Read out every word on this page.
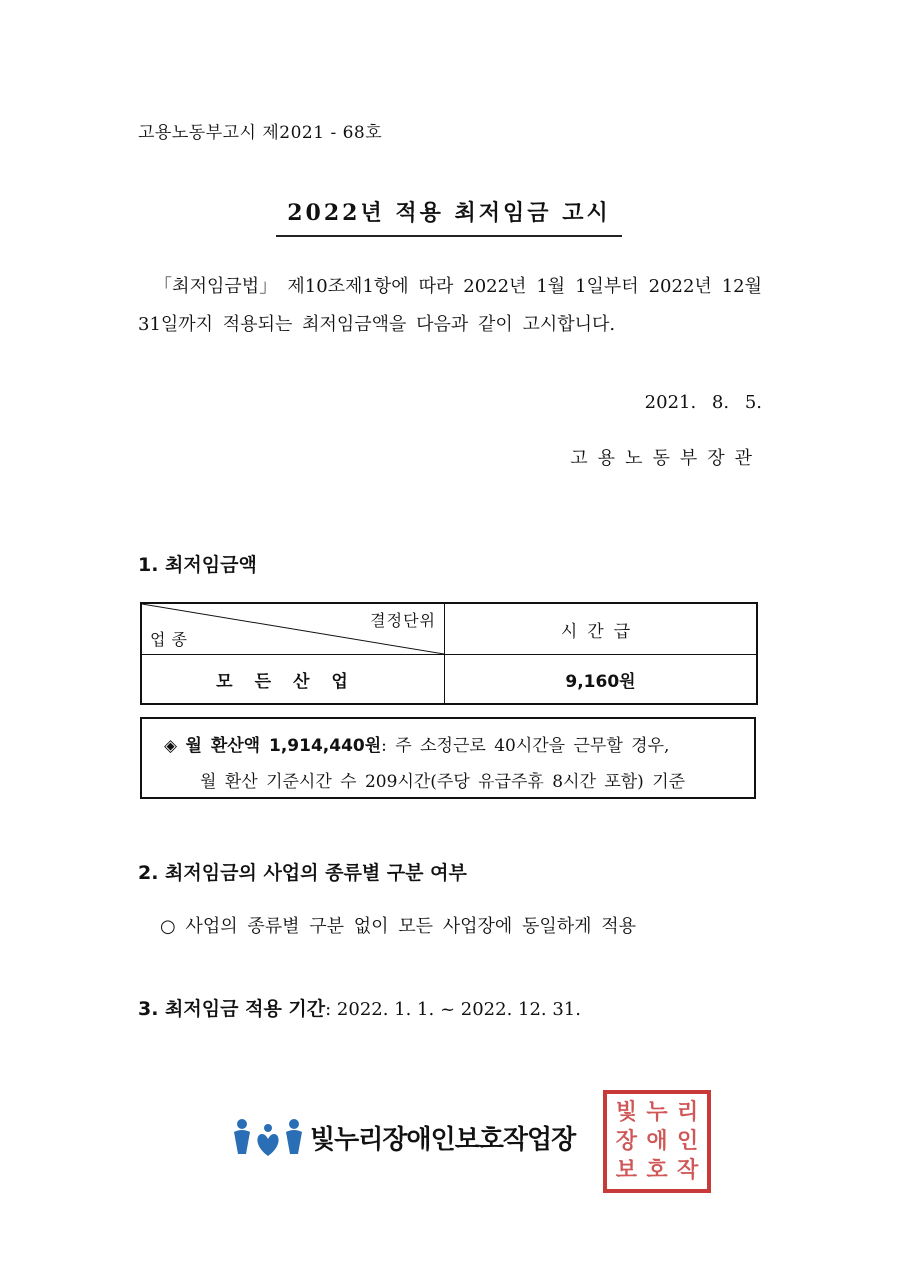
고용노동부고시 제2021 - 68호
2022년 적용 최저임금 고시
「최저임금법」 제10조제1항에 따라 2022년 1월 1일부터 2022년 12월 31일까지 적용되는 최저임금액을 다음과 같이 고시합니다.
2021. 8. 5.
고용노동부장관
1. 최저임금액
결정단위
업종	시간급
모든산업	9,160원
◈ 월 환산액 1,914,440원: 주 소정근로 40시간을 근무할 경우,
월 환산 기준시간 수 209시간(주당 유급주휴 8시간 포함) 기준
2. 최저임금의 사업의 종류별 구분 여부
○ 사업의 종류별 구분 없이 모든 사업장에 동일하게 적용
3. 최저임금 적용 기간: 2022. 1. 1. ~ 2022. 12. 31.
빛누리장애인보호작업장
빛 누 리
장 애 인
보 호 작
